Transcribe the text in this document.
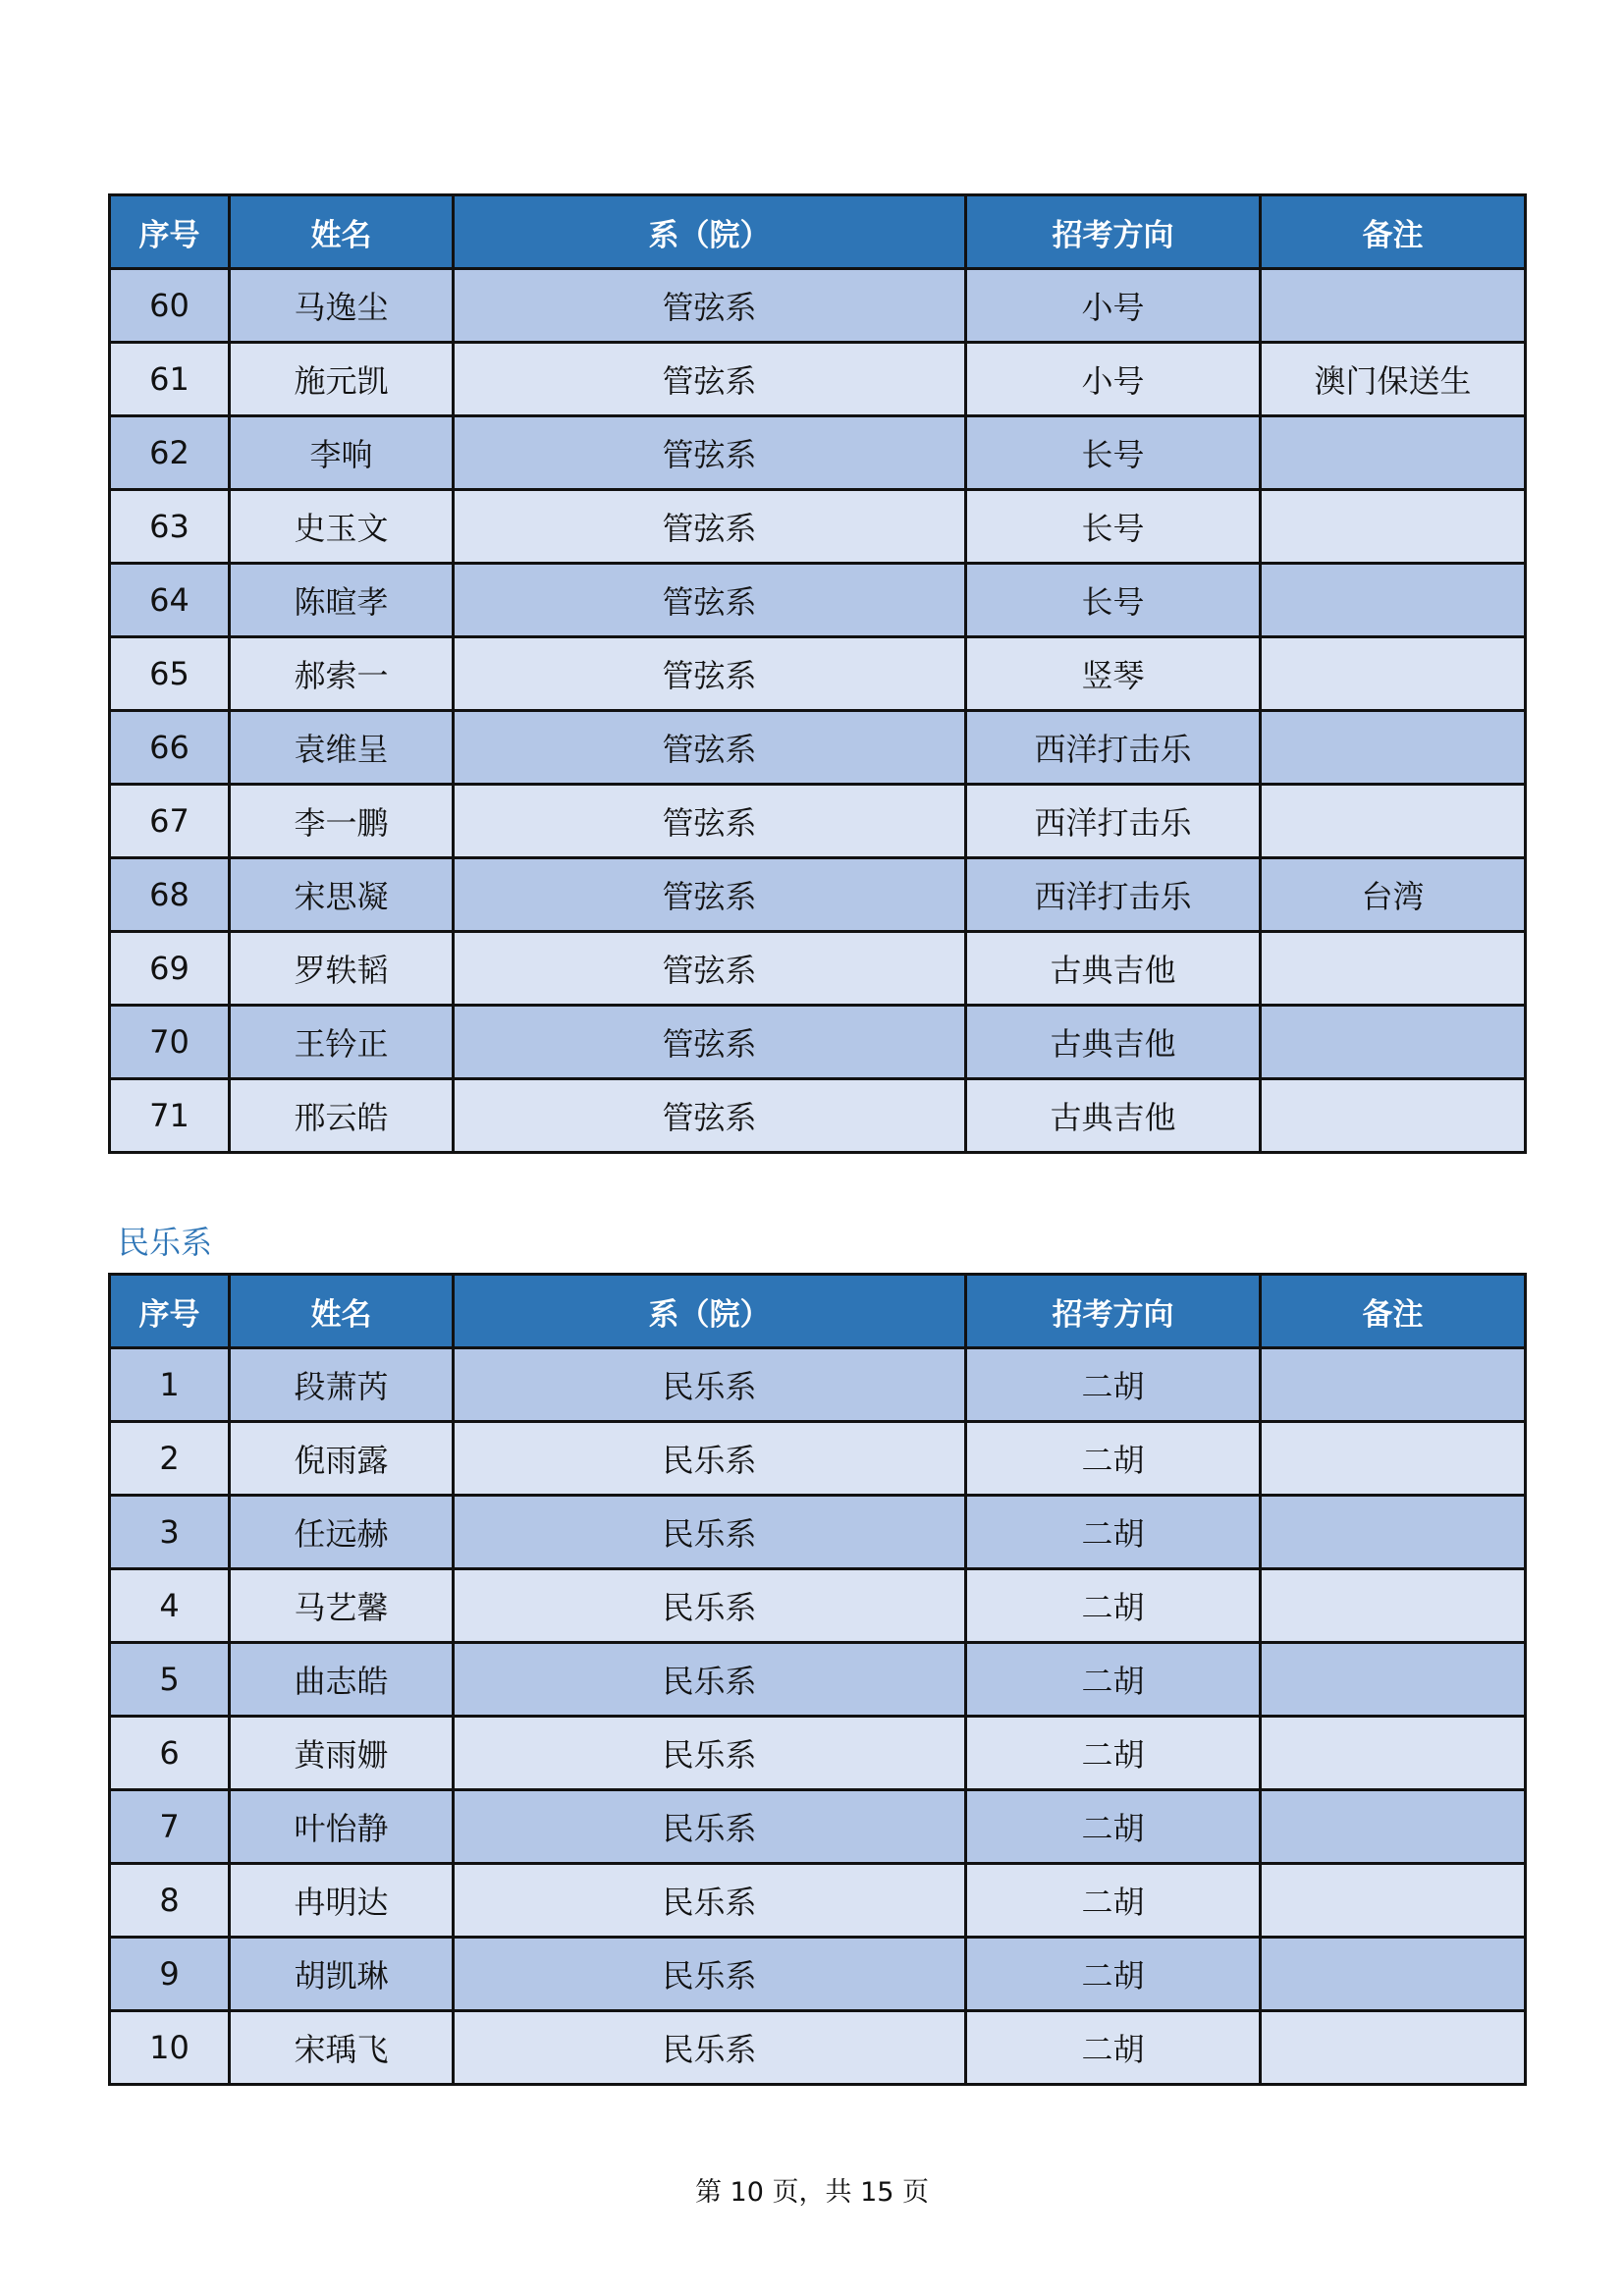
序号	姓名	系（院）	招考方向	备注
60	马逸尘	管弦系	小号	
61	施元凯	管弦系	小号	澳门保送生
62	李响	管弦系	长号	
63	史玉文	管弦系	长号	
64	陈暄孝	管弦系	长号	
65	郝索一	管弦系	竖琴	
66	袁维呈	管弦系	西洋打击乐	
67	李一鹏	管弦系	西洋打击乐	
68	宋思凝	管弦系	西洋打击乐	台湾
69	罗轶韬	管弦系	古典吉他	
70	王钤正	管弦系	古典吉他	
71	邢云皓	管弦系	古典吉他	
民乐系
序号	姓名	系（院）	招考方向	备注
1	段萧芮	民乐系	二胡	
2	倪雨露	民乐系	二胡	
3	任远赫	民乐系	二胡	
4	马艺馨	民乐系	二胡	
5	曲志皓	民乐系	二胡	
6	黄雨姗	民乐系	二胡	
7	叶怡静	民乐系	二胡	
8	冉明达	民乐系	二胡	
9	胡凯琳	民乐系	二胡	
10	宋瑀飞	民乐系	二胡	
第 10 页，共 15 页
